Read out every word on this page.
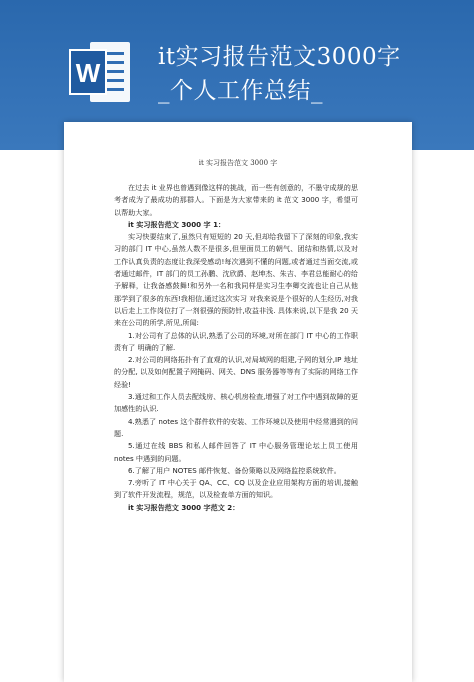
W
it实习报告范文3000字
_个人工作总结_
it 实习报告范文 3000 字

在过去 it 业界也曾遇到像这样的挑战，而一些有创意的，不墨守成规的思考者成为了最成功的那群人。下面是为大家带来的 it 范文 3000 字，希望可以帮助大家。

it 实习报告范文 3000 字 1：

实习快要结束了,虽然只有短短的 20 天,但却给我留下了深刻的印象,我实习的部门 IT 中心,虽然人数不是很多,但里面员工的朝气、团结和热情,以及对工作认真负责的态度让我深受感动!每次遇到不懂的问题,或者通过当面交流,或者通过邮件，IT 部门的员工孙鹏、沈欣爵、赵坤杰、朱吉、李君总能耐心的给予解释，让我备感鼓舞!和另外一名和我同样是实习生李卿交流也让自己从他那学到了很多的东西!我相信,通过这次实习 对我来说是个很好的人生经历,对我以后走上工作岗位打了一剂很强的预防针,收益非浅. 具体来说,以下是我 20 天来在公司的所学,所见,所闻:

1.对公司有了总体的认识,熟悉了公司的环境,对所在部门 IT 中心的工作职责有了 明确的了解.

2.对公司的网络拓扑有了直观的认识,对局域网的组建,子网的划分,IP 地址的分配, 以及如何配置子网掩码、网关、DNS 服务器等等有了实际的网络工作经验!

3.通过和工作人员去配线房、核心机房检查,增强了对工作中遇到故障的更加感性的认识.

4.熟悉了 notes 这个群件软件的安装、工作环境以及使用中经常遇到的问题.

5.通过在线 BBS 和私人邮件回答了 IT 中心服务管理论坛上员工使用 notes 中遇到的问题。

6.了解了用户 NOTES 邮件恢复、备份策略以及网络监控系统软件。

7.旁听了 IT 中心关于 QA、CC、CQ 以及企业应用架构方面的培训,接触到了软件开发流程，规范，以及检查单方面的知识。

it 实习报告范文 3000 字范文 2：
